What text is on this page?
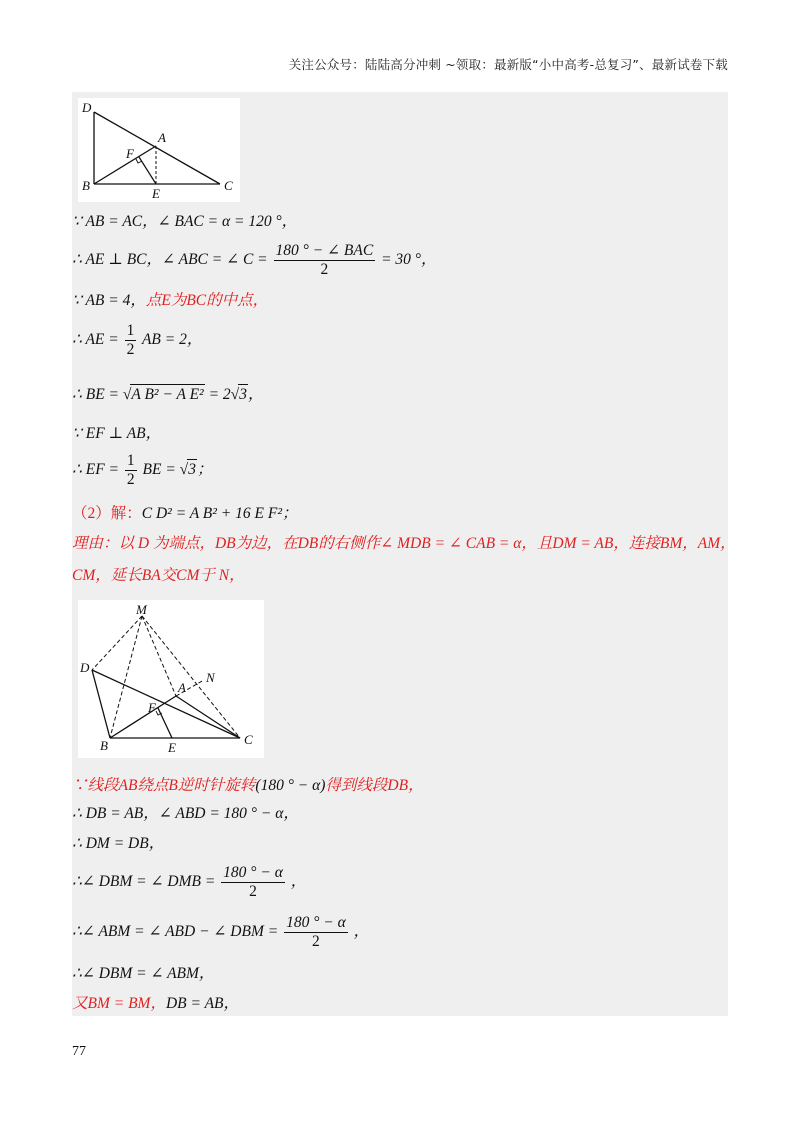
关注公众号：陆陆高分冲刺 ~领取：最新版“小中高考-总复习”、最新试卷下载
D
A
F
B
E
C
∵ AB = AC，∠ BAC = α = 120 °，
∴ AE ⊥ BC，∠ ABC = ∠ $C = \frac{\text{180 ° − ∠ BAC}}{2} = 30$ °，
∵ AB = 4，点E为BC的中点，
∴ AE = $\frac{1}{2}$ AB = 2，
∴ BE = √A B² − A E² = 2√3，
∵ EF ⊥ AB，
∴ EF = $\frac{1}{2}$ BE = √3；
（2）解：C D² = A B² + 16 E F²；
理由：以 D 为端点，DB为边，在DB的右侧作∠ MDB = ∠ CAB = α，且DM = AB，连接BM，AM，
CM，延长BA交CM于 N，
M
D
A
N
F
B	E
C
∵线段AB绕点B逆时针旋转(180 ° − α)得到线段DB，
∴ DB = AB，∠ ABD = 180 ° − α，
∴ DM = DB，
∴∠ DBM = ∠ DMB = $\frac{180 ^\circ - \alpha}{2}$ ，
∴∠ ABM = ∠ ABD − ∠ DBM = $\frac{180 ^\circ - \alpha}{2}$ ，
∴∠ DBM = ∠ ABM，
又BM = BM，DB = AB，
77
